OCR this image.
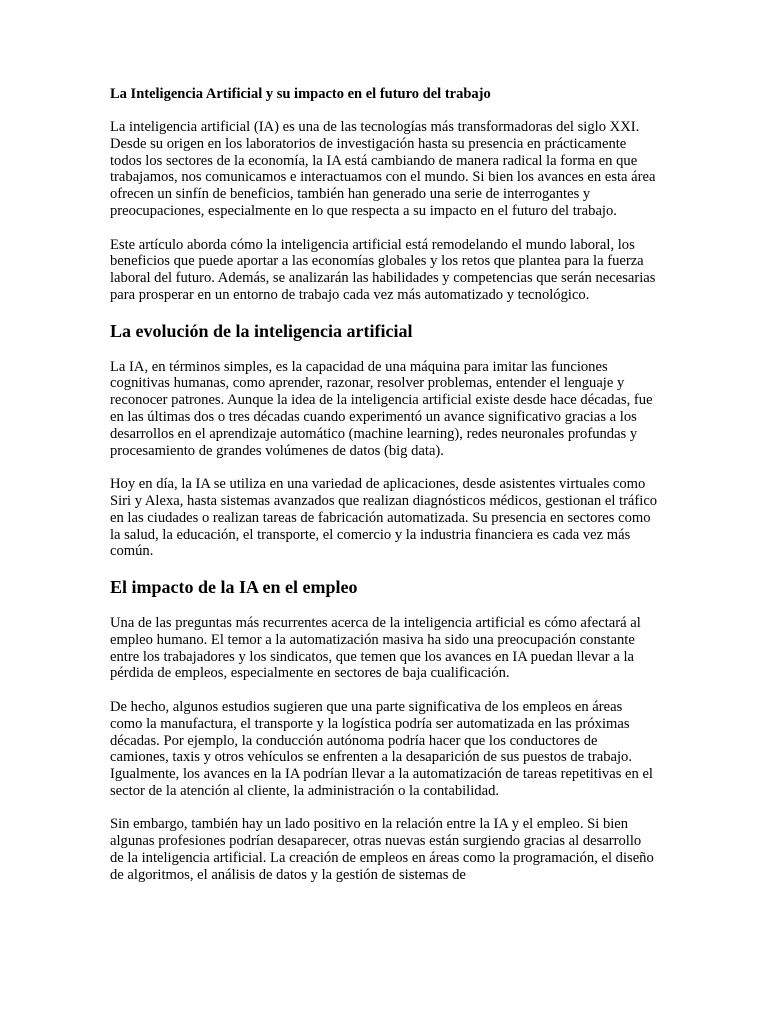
La Inteligencia Artificial y su impacto en el futuro del trabajo

La inteligencia artificial (IA) es una de las tecnologías más transformadoras del siglo XXI. Desde su origen en los laboratorios de investigación hasta su presencia en prácticamente todos los sectores de la economía, la IA está cambiando de manera radical la forma en que trabajamos, nos comunicamos e interactuamos con el mundo. Si bien los avances en esta área ofrecen un sinfín de beneficios, también han generado una serie de interrogantes y preocupaciones, especialmente en lo que respecta a su impacto en el futuro del trabajo.

Este artículo aborda cómo la inteligencia artificial está remodelando el mundo laboral, los beneficios que puede aportar a las economías globales y los retos que plantea para la fuerza laboral del futuro. Además, se analizarán las habilidades y competencias que serán necesarias para prosperar en un entorno de trabajo cada vez más automatizado y tecnológico.

La evolución de la inteligencia artificial

La IA, en términos simples, es la capacidad de una máquina para imitar las funciones cognitivas humanas, como aprender, razonar, resolver problemas, entender el lenguaje y reconocer patrones. Aunque la idea de la inteligencia artificial existe desde hace décadas, fue en las últimas dos o tres décadas cuando experimentó un avance significativo gracias a los desarrollos en el aprendizaje automático (machine learning), redes neuronales profundas y procesamiento de grandes volúmenes de datos (big data).

Hoy en día, la IA se utiliza en una variedad de aplicaciones, desde asistentes virtuales como Siri y Alexa, hasta sistemas avanzados que realizan diagnósticos médicos, gestionan el tráfico en las ciudades o realizan tareas de fabricación automatizada. Su presencia en sectores como la salud, la educación, el transporte, el comercio y la industria financiera es cada vez más común.

El impacto de la IA en el empleo

Una de las preguntas más recurrentes acerca de la inteligencia artificial es cómo afectará al empleo humano. El temor a la automatización masiva ha sido una preocupación constante entre los trabajadores y los sindicatos, que temen que los avances en IA puedan llevar a la pérdida de empleos, especialmente en sectores de baja cualificación.

De hecho, algunos estudios sugieren que una parte significativa de los empleos en áreas como la manufactura, el transporte y la logística podría ser automatizada en las próximas décadas. Por ejemplo, la conducción autónoma podría hacer que los conductores de camiones, taxis y otros vehículos se enfrenten a la desaparición de sus puestos de trabajo. Igualmente, los avances en la IA podrían llevar a la automatización de tareas repetitivas en el sector de la atención al cliente, la administración o la contabilidad.

Sin embargo, también hay un lado positivo en la relación entre la IA y el empleo. Si bien algunas profesiones podrían desaparecer, otras nuevas están surgiendo gracias al desarrollo de la inteligencia artificial. La creación de empleos en áreas como la programación, el diseño de algoritmos, el análisis de datos y la gestión de sistemas de
